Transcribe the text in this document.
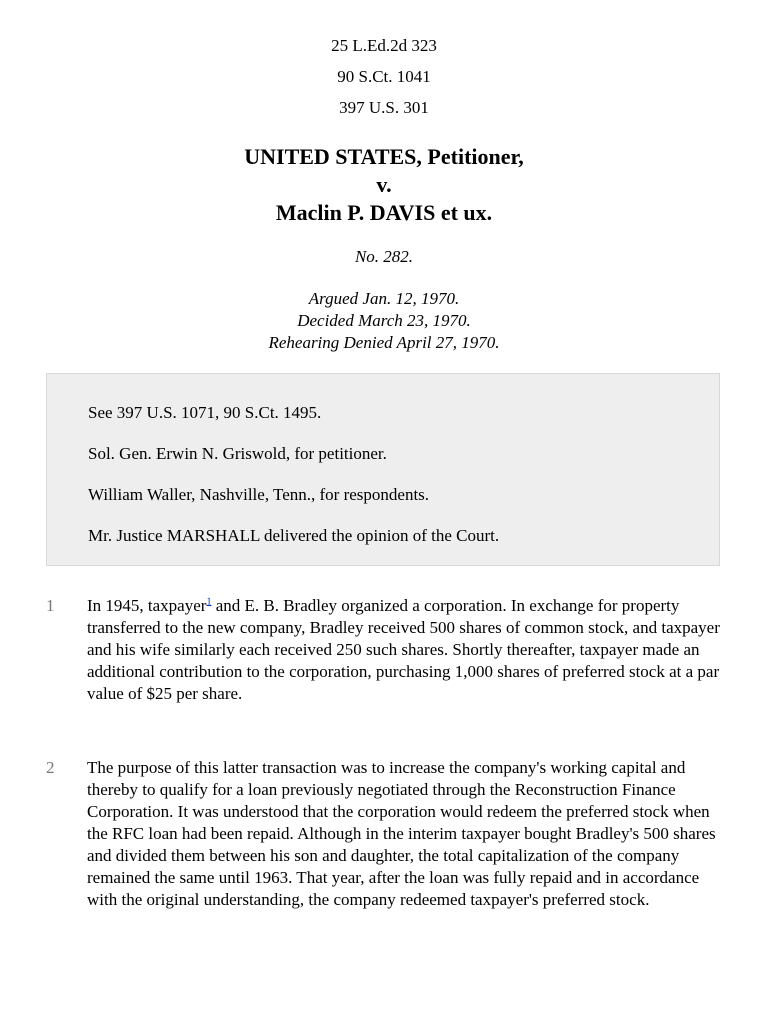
25 L.Ed.2d 323
90 S.Ct. 1041
397 U.S. 301
UNITED STATES, Petitioner,
v.
Maclin P. DAVIS et ux.
No. 282.
Argued Jan. 12, 1970.
Decided March 23, 1970.
Rehearing Denied April 27, 1970.
See 397 U.S. 1071, 90 S.Ct. 1495.
Sol. Gen. Erwin N. Griswold, for petitioner.
William Waller, Nashville, Tenn., for respondents.
Mr. Justice MARSHALL delivered the opinion of the Court.
1 In 1945, taxpayer$^1$ and E. B. Bradley organized a corporation. In exchange for property transferred to the new company, Bradley received 500 shares of common stock, and taxpayer and his wife similarly each received 250 such shares. Shortly thereafter, taxpayer made an additional contribution to the corporation, purchasing 1,000 shares of preferred stock at a par value of $25 per share.
2 The purpose of this latter transaction was to increase the company's working capital and thereby to qualify for a loan previously negotiated through the Reconstruction Finance Corporation. It was understood that the corporation would redeem the preferred stock when the RFC loan had been repaid. Although in the interim taxpayer bought Bradley's 500 shares and divided them between his son and daughter, the total capitalization of the company remained the same until 1963. That year, after the loan was fully repaid and in accordance with the original understanding, the company redeemed taxpayer's preferred stock.
